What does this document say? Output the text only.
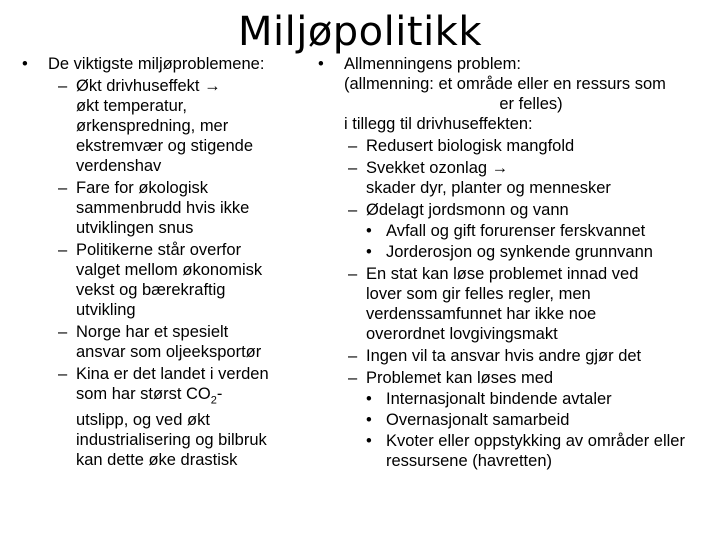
Miljøpolitikk
•	De viktigste miljøproblemene:
– Økt drivhuseffekt →
økt temperatur,
ørkenspredning, mer
ekstremvær og stigende
verdenshav
– Fare for økologisk
sammenbrudd hvis ikke
utviklingen snus
– Politikerne står overfor
valget mellom økonomisk
vekst og bærekraftig
utvikling
– Norge har et spesielt
ansvar som oljeeksportør
– Kina er det landet i verden
som har størst $CO_2-$
utslipp, og ved økt
industrialisering og bilbruk
kan dette øke drastisk
•	Allmenningens problem:
(allmenning: et område eller en ressurs som
er felles)
i tillegg til drivhuseffekten:
– Redusert biologisk mangfold
– Svekket ozonlag →
skader dyr, planter og mennesker
– Ødelagt jordsmonn og vann
• Avfall og gift forurenser ferskvannet
• Jorderosjon og synkende grunnvann
– En stat kan løse problemet innad ved
lover som gir felles regler, men
verdenssamfunnet har ikke noe
overordnet lovgivingsmakt
– Ingen vil ta ansvar hvis andre gjør det
– Problemet kan løses med
• Internasjonalt bindende avtaler
• Overnasjonalt samarbeid
• Kvoter eller oppstykking av områder eller ressursene (havretten)
